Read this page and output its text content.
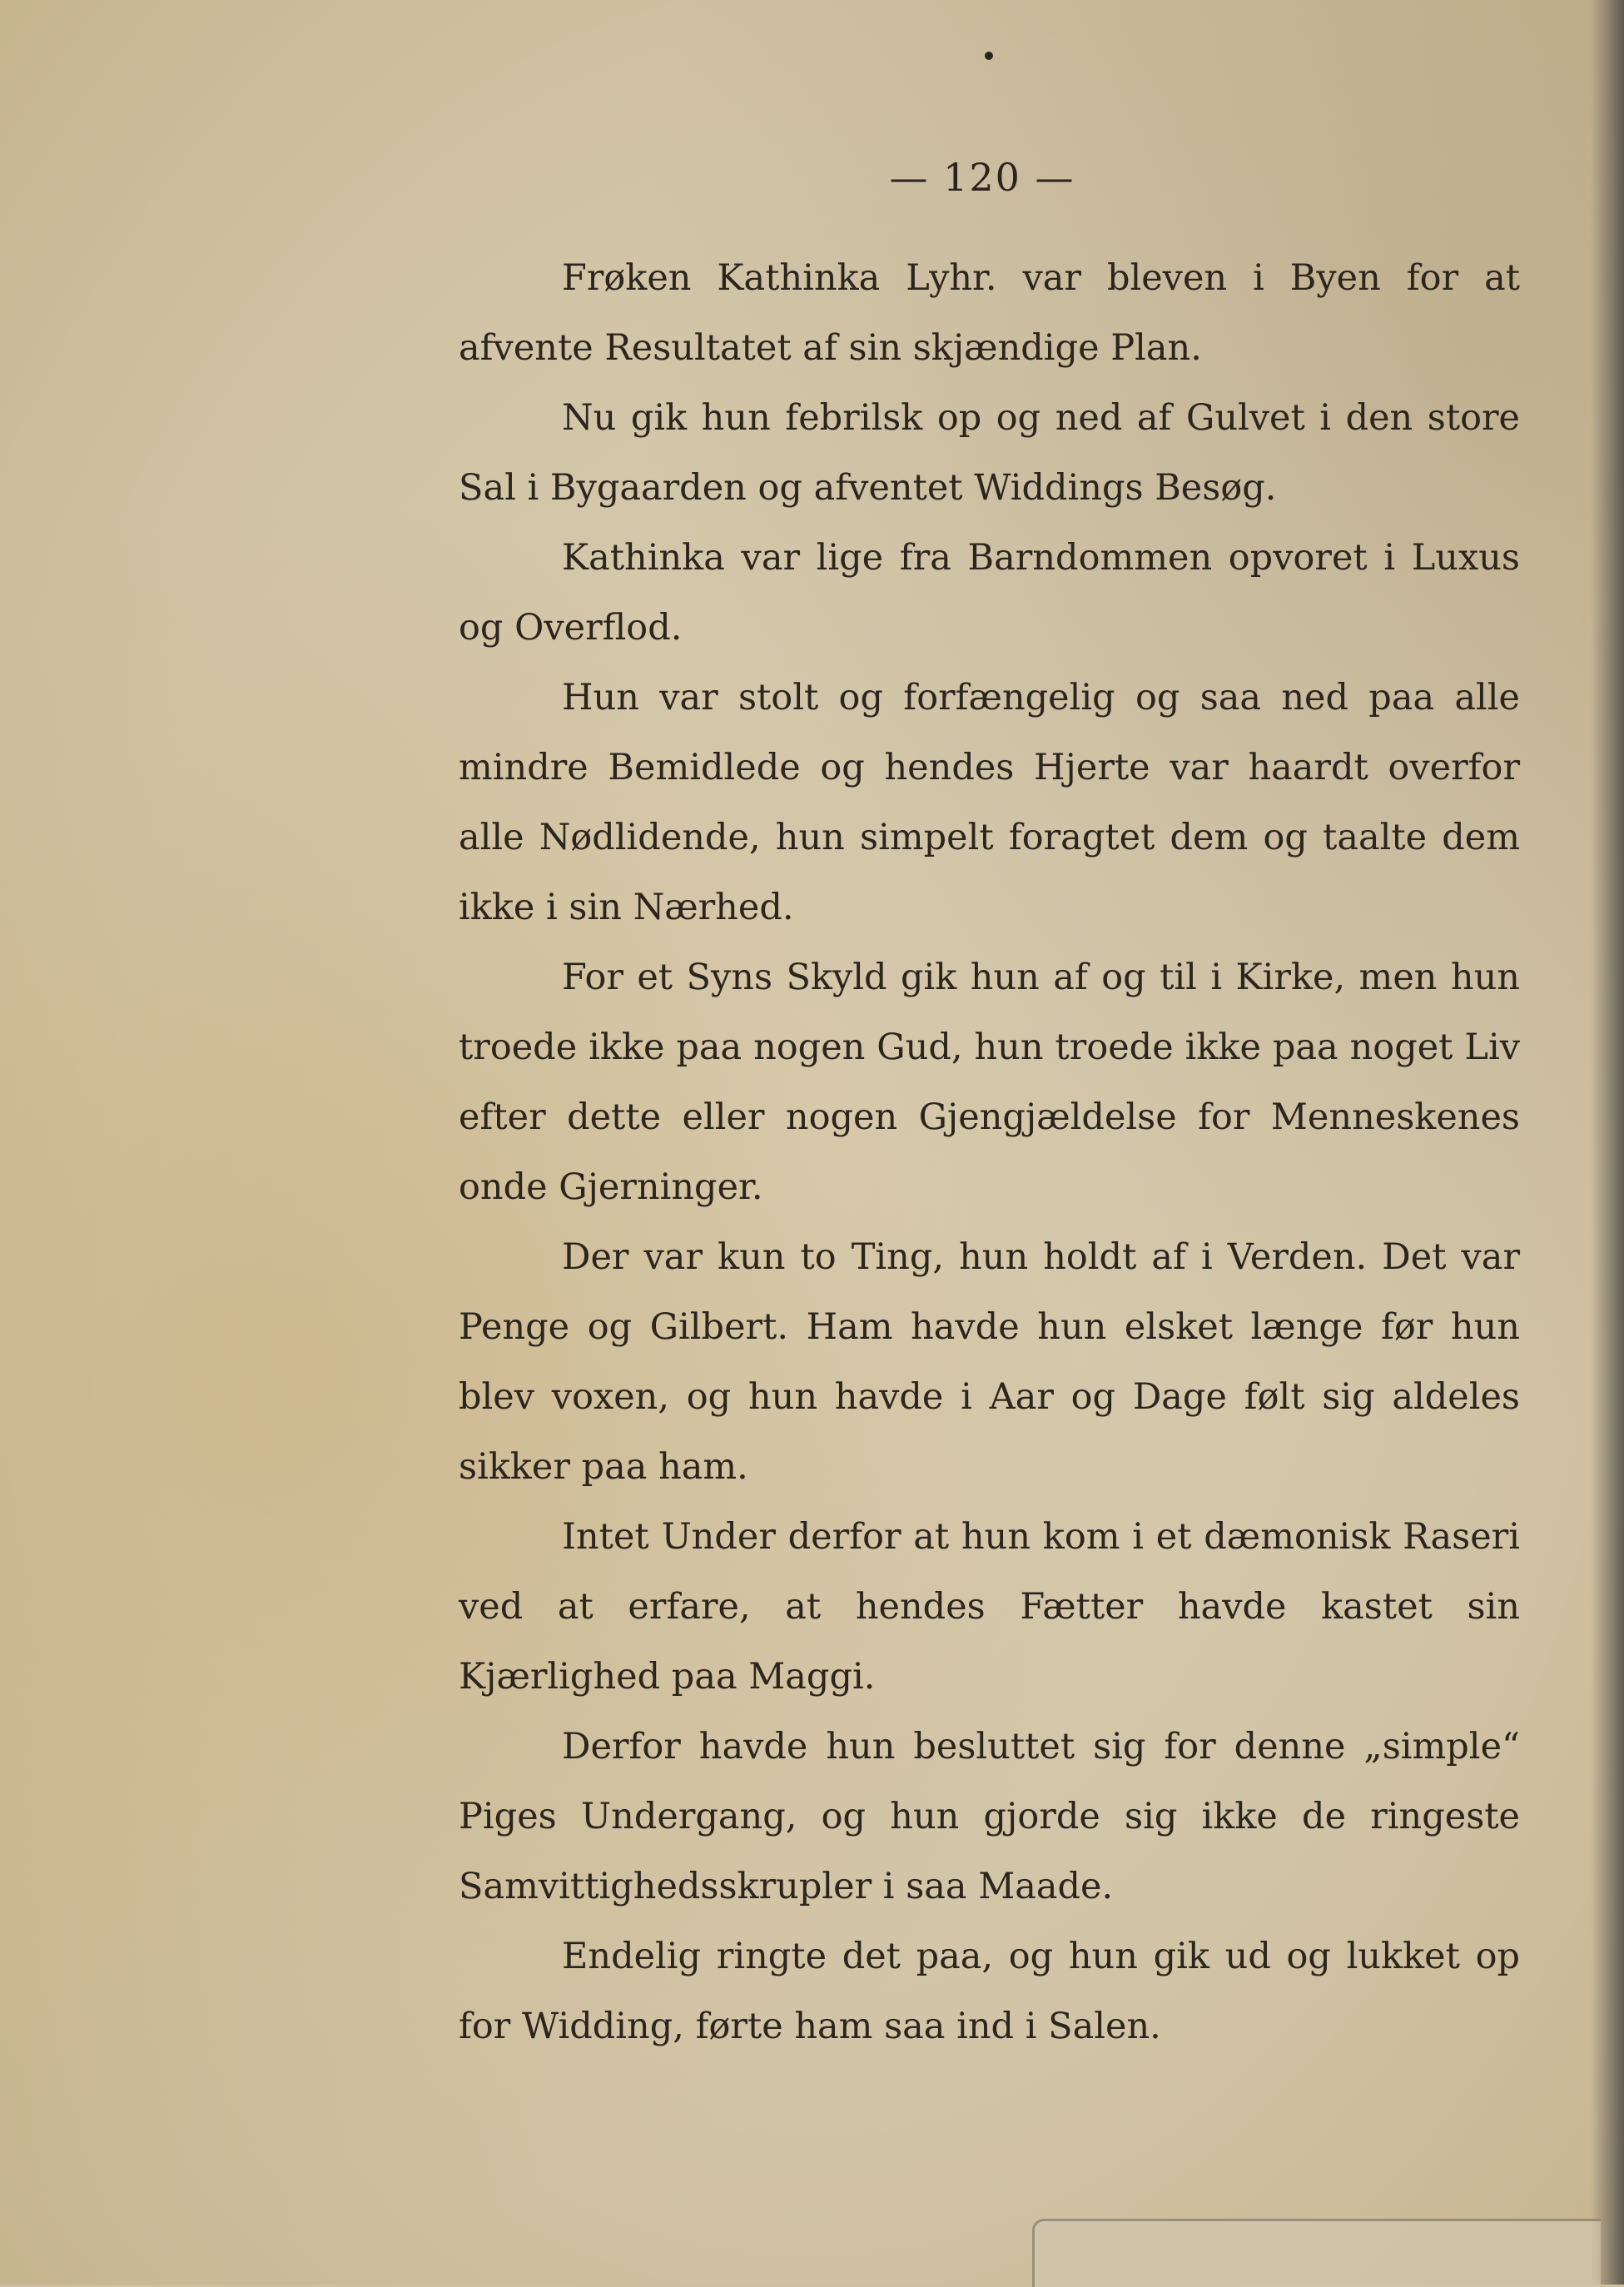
— 120 —

Frøken Kathinka Lyhr. var bleven i Byen for at afvente Resultatet af sin skjændige Plan.

Nu gik hun febrilsk op og ned af Gulvet i den store Sal i Bygaarden og afventet Widdings Besøg.

Kathinka var lige fra Barndommen opvoret i Luxus og Overflod.

Hun var stolt og forfængelig og saa ned paa alle mindre Bemidlede og hendes Hjerte var haardt overfor alle Nødlidende, hun simpelt foragtet dem og taalte dem ikke i sin Nærhed.

For et Syns Skyld gik hun af og til i Kirke, men hun troede ikke paa nogen Gud, hun troede ikke paa noget Liv efter dette eller nogen Gjengjældelse for Menneskenes onde Gjerninger.

Der var kun to Ting, hun holdt af i Verden. Det var Penge og Gilbert. Ham havde hun elsket længe før hun blev voxen, og hun havde i Aar og Dage følt sig aldeles sikker paa ham.

Intet Under derfor at hun kom i et dæmonisk Raseri ved at erfare, at hendes Fætter havde kastet sin Kjærlighed paa Maggi.

Derfor havde hun besluttet sig for denne „simple“ Piges Undergang, og hun gjorde sig ikke de ringeste Samvittighedsskrupler i saa Maade.

Endelig ringte det paa, og hun gik ud og lukket op for Widding, førte ham saa ind i Salen.
